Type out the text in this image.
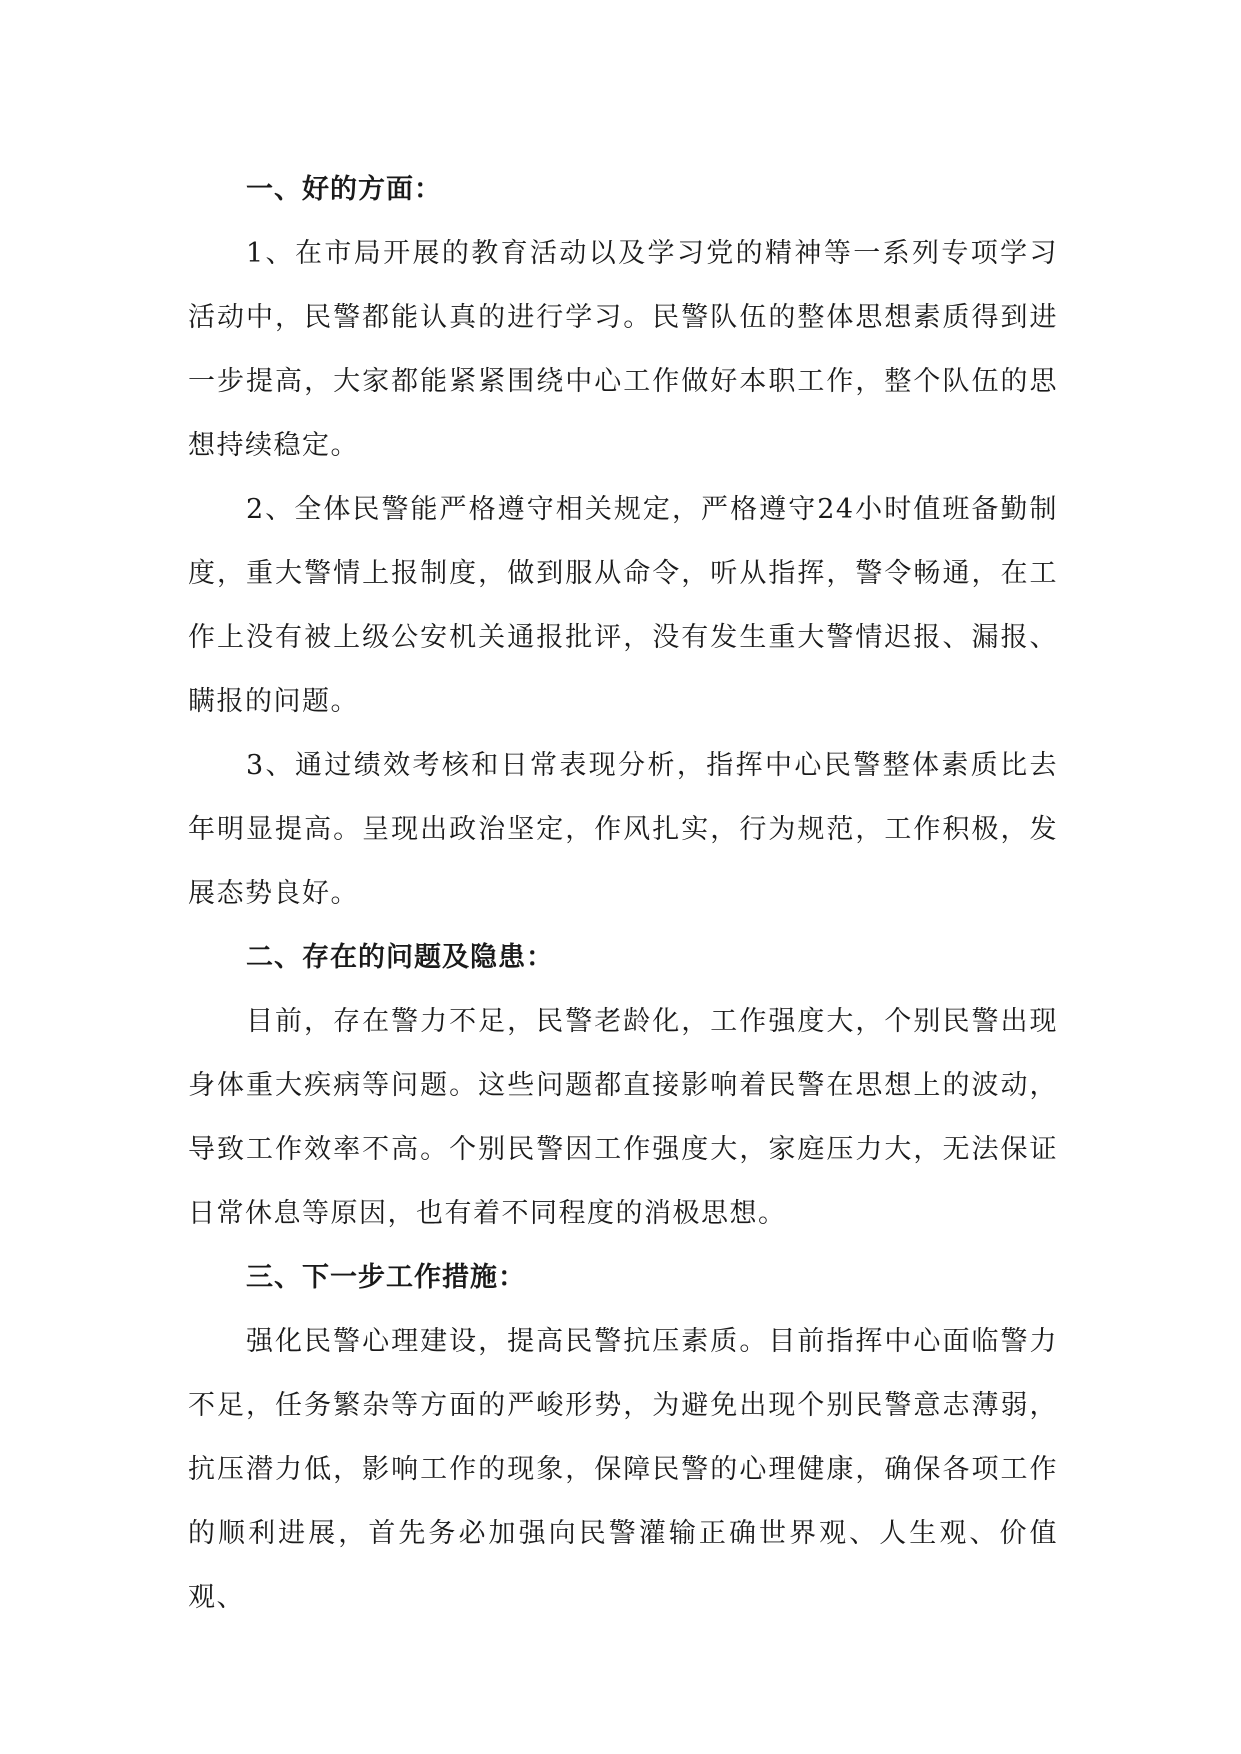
一、好的方面：

1、在市局开展的教育活动以及学习党的精神等一系列专项学习活动中，民警都能认真的进行学习。民警队伍的整体思想素质得到进一步提高，大家都能紧紧围绕中心工作做好本职工作，整个队伍的思想持续稳定。

2、全体民警能严格遵守相关规定，严格遵守24小时值班备勤制度，重大警情上报制度，做到服从命令，听从指挥，警令畅通，在工作上没有被上级公安机关通报批评，没有发生重大警情迟报、漏报、瞒报的问题。

3、通过绩效考核和日常表现分析，指挥中心民警整体素质比去年明显提高。呈现出政治坚定，作风扎实，行为规范，工作积极，发展态势良好。

二、存在的问题及隐患：

目前，存在警力不足，民警老龄化，工作强度大，个别民警出现身体重大疾病等问题。这些问题都直接影响着民警在思想上的波动，导致工作效率不高。个别民警因工作强度大，家庭压力大，无法保证日常休息等原因，也有着不同程度的消极思想。

三、下一步工作措施：

强化民警心理建设，提高民警抗压素质。目前指挥中心面临警力不足，任务繁杂等方面的严峻形势，为避免出现个别民警意志薄弱，抗压潜力低，影响工作的现象，保障民警的心理健康，确保各项工作的顺利进展，首先务必加强向民警灌输正确世界观、人生观、价值观、
